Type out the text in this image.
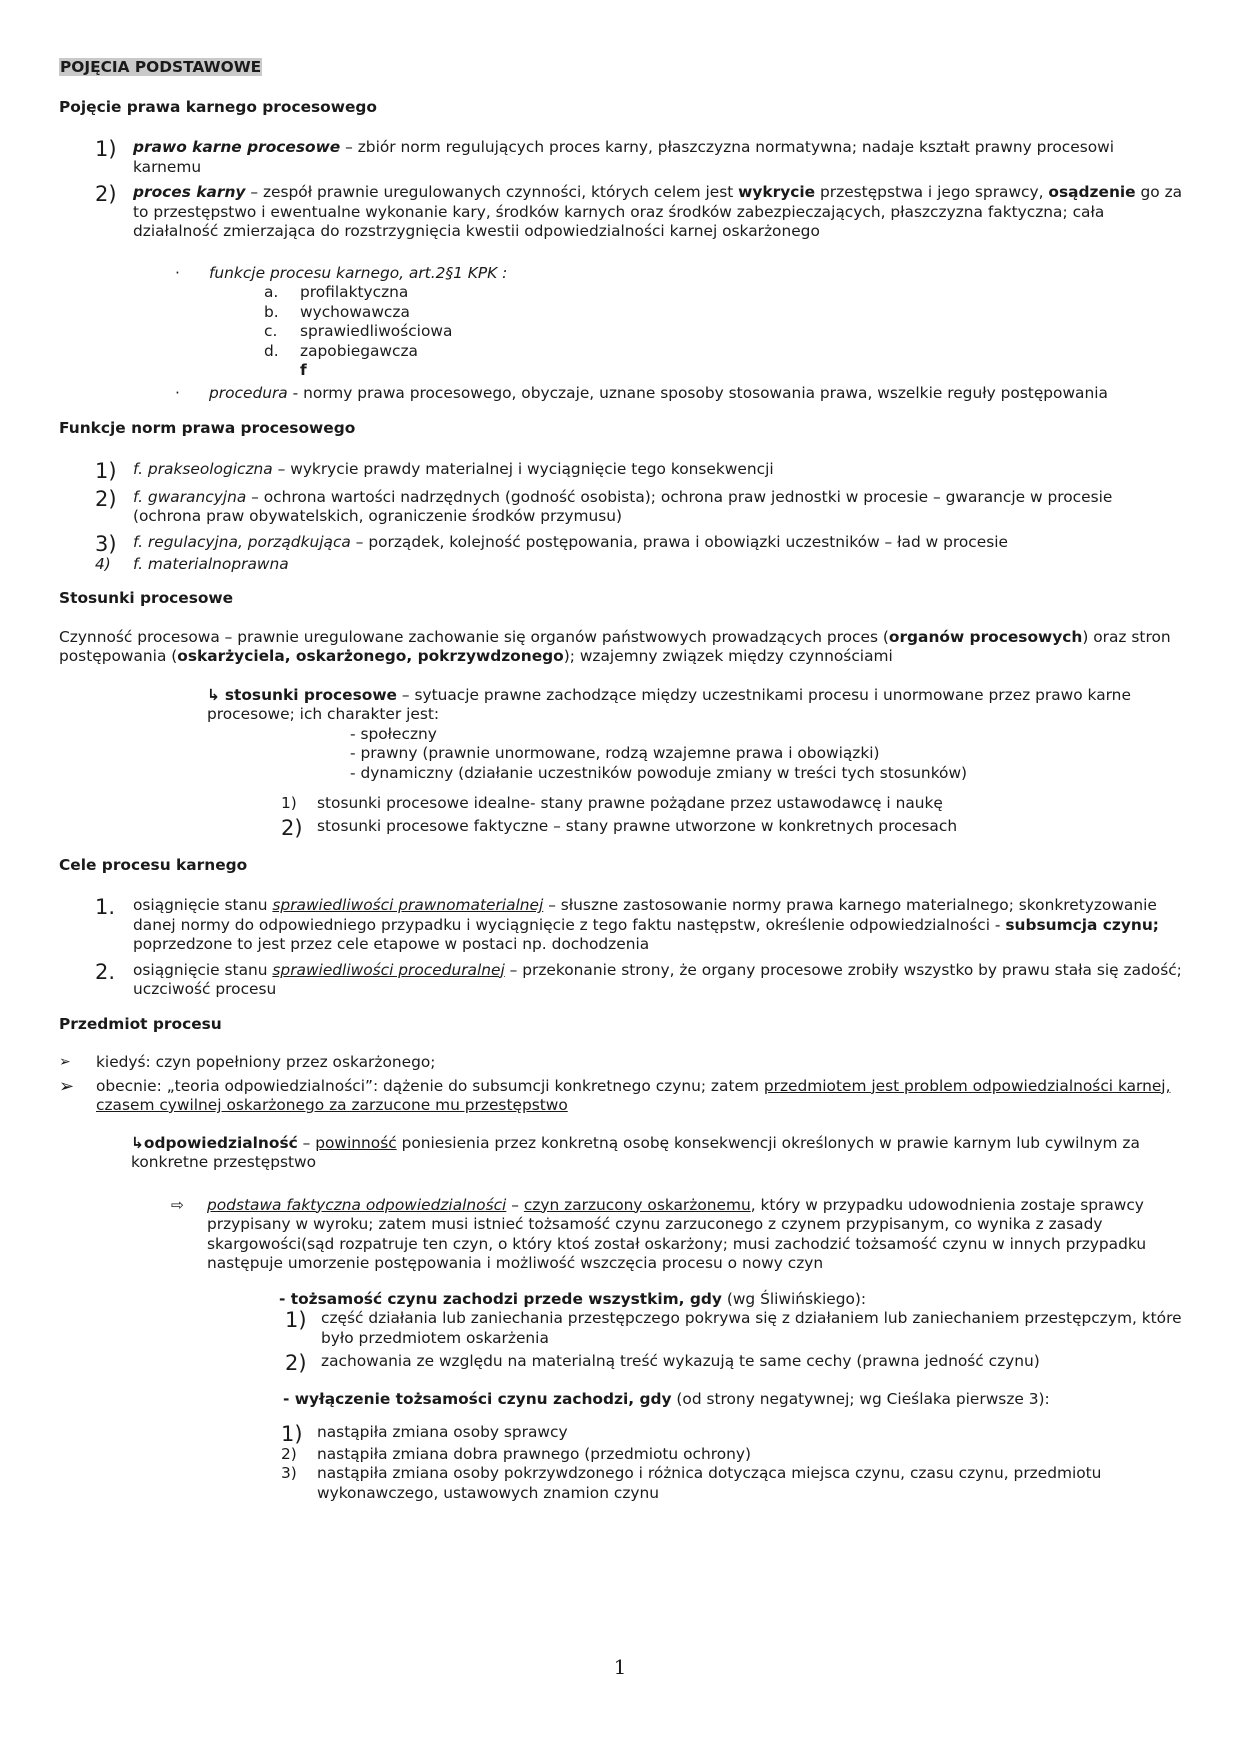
POJĘCIA PODSTAWOWE

Pojęcie prawa karnego procesowego

1)	prawo karne procesowe – zbiór norm regulujących proces karny, płaszczyzna normatywna; nadaje kształt prawny procesowi karnemu
2)	proces karny – zespół prawnie uregulowanych czynności, których celem jest wykrycie przestępstwa i jego sprawcy, osądzenie go za to przestępstwo i ewentualne wykonanie kary, środków karnych oraz środków zabezpieczających, płaszczyzna faktyczna; cała działalność zmierzająca do rozstrzygnięcia kwestii odpowiedzialności karnej oskarżonego
·	funkcje procesu karnego, art.2§1 KPK :
a.	profilaktyczna
b.	wychowawcza
c.	sprawiedliwościowa
d.	zapobiegawcza
f
·	procedura - normy prawa procesowego, obyczaje, uznane sposoby stosowania prawa, wszelkie reguły postępowania

Funkcje norm prawa procesowego

1)	f. prakseologiczna – wykrycie prawdy materialnej i wyciągnięcie tego konsekwencji
2)	f. gwarancyjna – ochrona wartości nadrzędnych (godność osobista); ochrona praw jednostki w procesie – gwarancje w procesie (ochrona praw obywatelskich, ograniczenie środków przymusu)
3)	f. regulacyjna, porządkująca – porządek, kolejność postępowania, prawa i obowiązki uczestników – ład w procesie
4)	f. materialnoprawna

Stosunki procesowe

Czynność procesowa – prawnie uregulowane zachowanie się organów państwowych prowadzących proces (organów procesowych) oraz stron postępowania (oskarżyciela, oskarżonego, pokrzywdzonego); wzajemny związek między czynnościami

↳ stosunki procesowe – sytuacje prawne zachodzące między uczestnikami procesu i unormowane przez prawo karne procesowe; ich charakter jest:

- społeczny

- prawny (prawnie unormowane, rodzą wzajemne prawa i obowiązki)

- dynamiczny (działanie uczestników powoduje zmiany w treści tych stosunków)

1)	stosunki procesowe idealne- stany prawne pożądane przez ustawodawcę i naukę
2) stosunki procesowe faktyczne – stany prawne utworzone w konkretnych procesach

Cele procesu karnego

1.	osiągnięcie stanu sprawiedliwości prawnomaterialnej – słuszne zastosowanie normy prawa karnego materialnego; skonkretyzowanie danej normy do odpowiedniego przypadku i wyciągnięcie z tego faktu następstw, określenie odpowiedzialności - subsumcja czynu; poprzedzone to jest przez cele etapowe w postaci np. dochodzenia
2.	osiągnięcie stanu sprawiedliwości proceduralnej – przekonanie strony, że organy procesowe zrobiły wszystko by prawu stała się zadość; uczciwość procesu

Przedmiot procesu

➢	kiedyś: czyn popełniony przez oskarżonego;
➢	obecnie: „teoria odpowiedzialności”: dążenie do subsumcji konkretnego czynu; zatem przedmiotem jest problem odpowiedzialności karnej, czasem cywilnej oskarżonego za zarzucone mu przestępstwo
↳odpowiedzialność – powinność poniesienia przez konkretną osobę konsekwencji określonych w prawie karnym lub cywilnym za konkretne przestępstwo
⇨	podstawa faktyczna odpowiedzialności – czyn zarzucony oskarżonemu, który w przypadku udowodnienia zostaje sprawcy przypisany w wyroku; zatem musi istnieć tożsamość czynu zarzuconego z czynem przypisanym, co wynika z zasady skargowości(sąd rozpatruje ten czyn, o który ktoś został oskarżony; musi zachodzić tożsamość czynu w innych przypadku następuje umorzenie postępowania i możliwość wszczęcia procesu o nowy czyn

- tożsamość czynu zachodzi przede wszystkim, gdy (wg Śliwińskiego):

1) część działania lub zaniechania przestępczego pokrywa się z działaniem lub zaniechaniem przestępczym, które było przedmiotem oskarżenia
2) zachowania ze względu na materialną treść wykazują te same cechy (prawna jedność czynu)

- wyłączenie tożsamości czynu zachodzi, gdy (od strony negatywnej; wg Cieślaka pierwsze 3):

1) nastąpiła zmiana osoby sprawcy
2)	nastąpiła zmiana dobra prawnego (przedmiotu ochrony)
3)	nastąpiła zmiana osoby pokrzywdzonego i różnica dotycząca miejsca czynu, czasu czynu, przedmiotu wykonawczego, ustawowych znamion czynu
1
